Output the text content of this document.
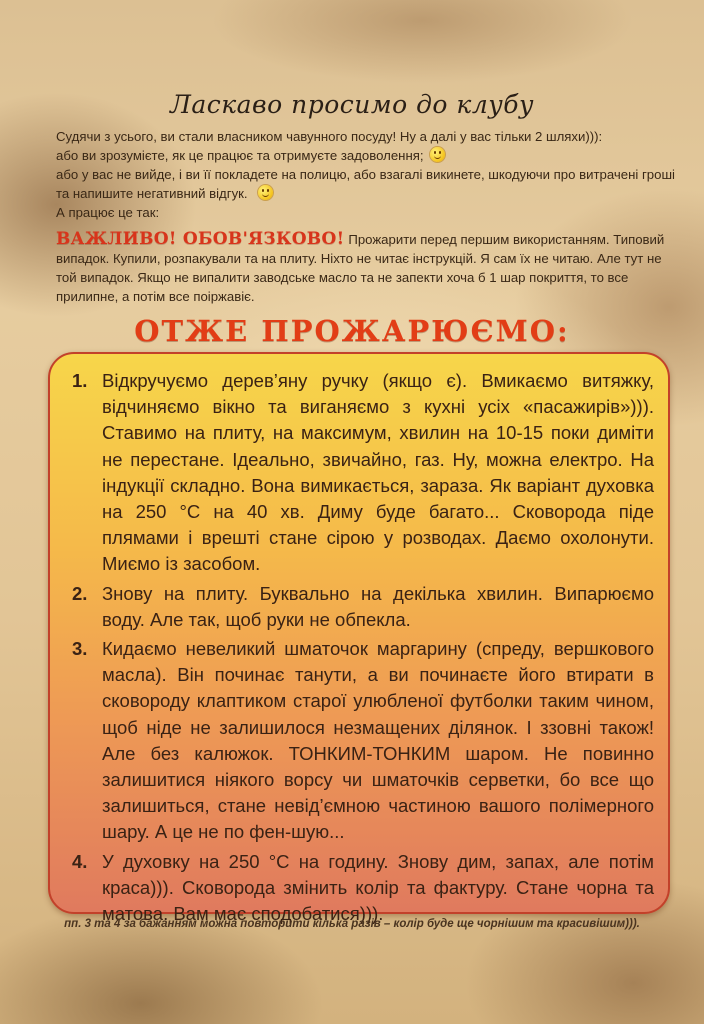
Ласкаво просимо до клубу

Судячи з усього, ви стали власником чавунного посуду! Ну а далі у вас тільки 2 шляхи))):

або ви зрозумієте, як це працює та отримуєте задоволення;

або у вас не вийде, і ви її покладете на полицю, або взагалі викинете, шкодуючи про витрачені гроші та напишите негативний відгук.

А працює це так:

ВАЖЛИВО! ОБОВ'ЯЗКОВО! Прожарити перед першим використанням. Типовий випадок. Купили, розпакували та на плиту. Ніхто не читає інструкцій. Я сам їх не читаю. Але тут не той випадок. Якщо не випалити заводське масло та не запекти хоча б 1 шар покриття, то все прилипне, а потім все поіржавіє.
ОТЖЕ ПРОЖАРЮЄМО:
1. Відкручуємо дерев’яну ручку (якщо є). Вмикаємо витяжку, відчиняємо вікно та виганяємо з кухні усіх «пасажирів»))). Ставимо на плиту, на максимум, хвилин на 10-15 поки диміти не перестане. Ідеально, звичайно, газ. Ну, можна електро. На індукції складно. Вона вимикається, зараза. Як варіант духовка на 250 °С на 40 хв. Диму буде багато... Сковорода піде плямами і врешті стане сірою у розводах. Даємо охолонути. Миємо із засобом.
2. Знову на плиту. Буквально на декілька хвилин. Випарюємо воду. Але так, щоб руки не обпекла.
3. Кидаємо невеликий шматочок маргарину (спреду, вершкового масла). Він починає танути, а ви починаєте його втирати в сковороду клаптиком старої улюбленої футболки таким чином, щоб ніде не залишилося незмащених ділянок. І ззовні також! Але без калюжок. ТОНКИМ-ТОНКИМ шаром. Не повинно залишитися ніякого ворсу чи шматочків серветки, бо все що залишиться, стане невід’ємною частиною вашого полімерного шару. А це не по фен-шую...
4. У духовку на 250 °С на годину. Знову дим, запах, але потім краса))). Сковорода змінить колір та фактуру. Стане чорна та матова. Вам має сподобатися))).
пп. 3 та 4 за бажанням можна повторити кілька разів – колір буде ще чорнішим та красивішим))).
